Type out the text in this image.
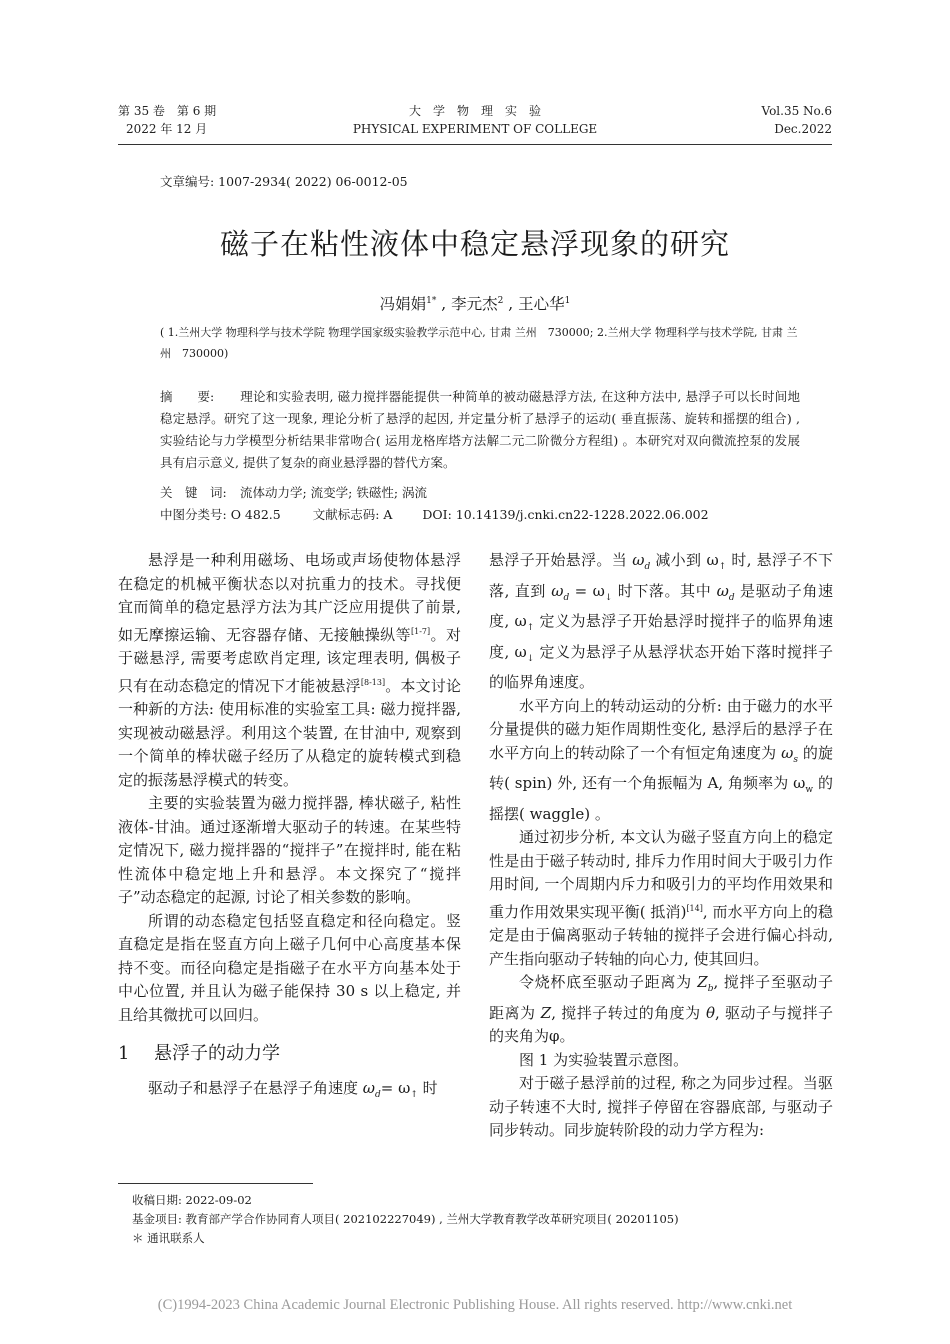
第 35 卷　第 6 期
2022 年 12 月
大　学　物　理　实　验
PHYSICAL EXPERIMENT OF COLLEGE
Vol.35 No.6
Dec.2022
文章编号: 1007-2934( 2022) 06-0012-05
磁子在粘性液体中稳定悬浮现象的研究
冯娟娟$^{1*}$ , 李元杰$^2$ , 王心华$^1$
( 1.兰州大学 物理科学与技术学院 物理学国家级实验教学示范中心, 甘肃 兰州　730000; 2.兰州大学 物理科学与技术学院, 甘肃 兰州　730000)
摘　　要: 理论和实验表明, 磁力搅拌器能提供一种简单的被动磁悬浮方法, 在这种方法中, 悬浮子可以长时间地稳定悬浮。研究了这一现象, 理论分析了悬浮的起因, 并定量分析了悬浮子的运动( 垂直振荡、旋转和摇摆的组合) , 实验结论与力学模型分析结果非常吻合( 运用龙格库塔方法解二元二阶微分方程组) 。本研究对双向微流控泵的发展具有启示意义, 提供了复杂的商业悬浮器的替代方案。
关　键　词: 流体动力学; 流变学; 铁磁性; 涡流
中图分类号: O 482.5	文献标志码: A DOI: 10.14139/j.cnki.cn22-1228.2022.06.002

悬浮是一种利用磁场、电场或声场使物体悬浮在稳定的机械平衡状态以对抗重力的技术。寻找便宜而简单的稳定悬浮方法为其广泛应用提供了前景, 如无摩擦运输、无容器存储、无接触操纵等[1-7]。对于磁悬浮, 需要考虑欧肖定理, 该定理表明, 偶极子只有在动态稳定的情况下才能被悬浮[8-13]。本文讨论一种新的方法: 使用标准的实验室工具: 磁力搅拌器, 实现被动磁悬浮。利用这个装置, 在甘油中, 观察到一个简单的棒状磁子经历了从稳定的旋转模式到稳定的振荡悬浮模式的转变。

主要的实验装置为磁力搅拌器, 棒状磁子, 粘性液体-甘油。通过逐渐增大驱动子的转速。在某些特定情况下, 磁力搅拌器的“搅拌子”在搅拌时, 能在粘性流体中稳定地上升和悬浮。本文探究了“搅拌子”动态稳定的起源, 讨论了相关参数的影响。

所谓的动态稳定包括竖直稳定和径向稳定。竖直稳定是指在竖直方向上磁子几何中心高度基本保持不变。而径向稳定是指磁子在水平方向基本处于中心位置, 并且认为磁子能保持 30 s 以上稳定, 并且给其微扰可以回归。

1 悬浮子的动力学

驱动子和悬浮子在悬浮子角速度 $\omega_d= \omega_↑$ 时

悬浮子开始悬浮。当 $\omega_d$ 减小到 $\omega_↑$ 时, 悬浮子不下落, 直到 $\omega_d = \omega_↓$ 时下落。其中 $\omega_d$ 是驱动子角速度, $\omega_↑$ 定义为悬浮子开始悬浮时搅拌子的临界角速度, $\omega_↓$ 定义为悬浮子从悬浮状态开始下落时搅拌子的临界角速度。

水平方向上的转动运动的分析: 由于磁力的水平分量提供的磁力矩作周期性变化, 悬浮后的悬浮子在水平方向上的转动除了一个有恒定角速度为 $\omega_s$ 的旋转( spin) 外, 还有一个角振幅为 A, 角频率为 $\omega_w$ 的摇摆( waggle) 。

通过初步分析, 本文认为磁子竖直方向上的稳定性是由于磁子转动时, 排斥力作用时间大于吸引力作用时间, 一个周期内斥力和吸引力的平均作用效果和重力作用效果实现平衡( 抵消)[14], 而水平方向上的稳定是由于偏离驱动子转轴的搅拌子会进行偏心抖动, 产生指向驱动子转轴的向心力, 使其回归。

令烧杯底至驱动子距离为 $Z_b$, 搅拌子至驱动子距离为 Z, 搅拌子转过的角度为 θ, 驱动子与搅拌子的夹角为φ。

图 1 为实验装置示意图。

对于磁子悬浮前的过程, 称之为同步过程。当驱动子转速不大时, 搅拌子停留在容器底部, 与驱动子同步转动。同步旋转阶段的动力学方程为:

收稿日期: 2022-09-02
基金项目: 教育部产学合作协同育人项目( 202102227049) , 兰州大学教育教学改革研究项目( 20201105)
＊ 通讯联系人
(C)1994-2023 China Academic Journal Electronic Publishing House. All rights reserved. http://www.cnki.net
